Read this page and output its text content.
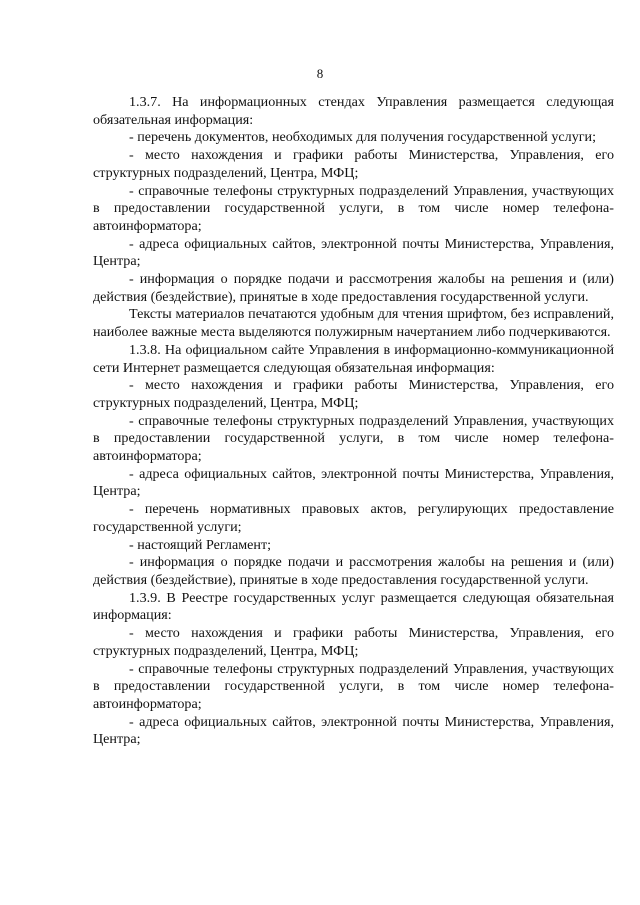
8

1.3.7. На информационных стендах Управления размещается следующая обязательная информация:

- перечень документов, необходимых для получения государственной услуги;

- место нахождения и графики работы Министерства, Управления, его структурных подразделений, Центра, МФЦ;

- справочные телефоны структурных подразделений Управления, участвующих в предоставлении государственной услуги, в том числе номер телефона-автоинформатора;

- адреса официальных сайтов, электронной почты Министерства, Управления, Центра;

- информация о порядке подачи и рассмотрения жалобы на решения и (или) действия (бездействие), принятые в ходе предоставления государственной услуги.

Тексты материалов печатаются удобным для чтения шрифтом, без исправлений, наиболее важные места выделяются полужирным начертанием либо подчеркиваются.

1.3.8. На официальном сайте Управления в информационно-коммуникационной сети Интернет размещается следующая обязательная информация:

- место нахождения и графики работы Министерства, Управления, его структурных подразделений, Центра, МФЦ;

- справочные телефоны структурных подразделений Управления, участвующих в предоставлении государственной услуги, в том числе номер телефона-автоинформатора;

- адреса официальных сайтов, электронной почты Министерства, Управления, Центра;

- перечень нормативных правовых актов, регулирующих предоставление государственной услуги;

- настоящий Регламент;

- информация о порядке подачи и рассмотрения жалобы на решения и (или) действия (бездействие), принятые в ходе предоставления государственной услуги.

1.3.9. В Реестре государственных услуг размещается следующая обязательная информация:

- место нахождения и графики работы Министерства, Управления, его структурных подразделений, Центра, МФЦ;

- справочные телефоны структурных подразделений Управления, участвующих в предоставлении государственной услуги, в том числе номер телефона-автоинформатора;

- адреса официальных сайтов, электронной почты Министерства, Управления, Центра;
